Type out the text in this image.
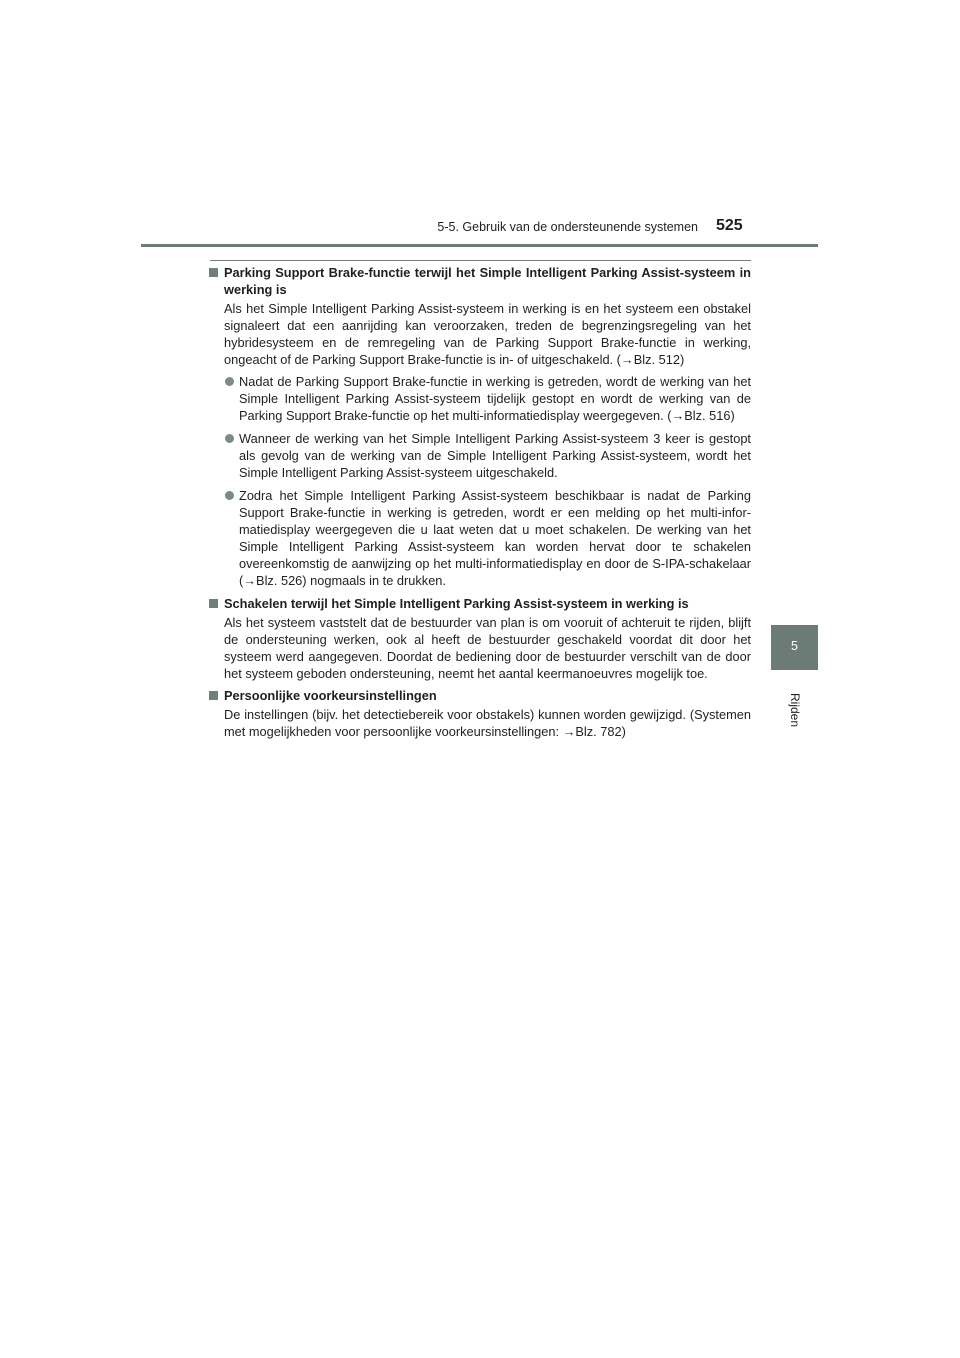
5-5. Gebruik van de ondersteunende systemen 525
5
Rijden

Parking Support Brake-functie terwijl het Simple Intelligent Parking Assist-systeem in werking is

Als het Simple Intelligent Parking Assist-systeem in werking is en het systeem een obstakel signaleert dat een aanrijding kan veroorzaken, treden de begrenzingsregeling van het hybridesysteem en de remregeling van de Parking Support Brake-functie in werking, ongeacht of de Parking Support Brake-functie is in- of uitgeschakeld. (→Blz. 512)

Nadat de Parking Support Brake-functie in werking is getreden, wordt de werking van het Simple Intelligent Parking Assist-systeem tijdelijk gestopt en wordt de werking van de Parking Support Brake-functie op het multi-informatiedisplay weergegeven. (→Blz. 516)

Wanneer de werking van het Simple Intelligent Parking Assist-systeem 3 keer is gestopt als gevolg van de werking van de Simple Intelligent Parking Assist-systeem, wordt het Simple Intelligent Parking Assist-systeem uitgeschakeld.

Zodra het Simple Intelligent Parking Assist-systeem beschikbaar is nadat de Parking Support Brake-functie in werking is getreden, wordt er een melding op het multi-informatiedisplay weergegeven die u laat weten dat u moet schakelen. De werking van het Simple Intelligent Parking Assist-systeem kan worden hervat door te schakelen overeenkomstig de aanwijzing op het multi-informatiedisplay en door de S-IPA-schakelaar (→Blz. 526) nogmaals in te drukken.

Schakelen terwijl het Simple Intelligent Parking Assist-systeem in werking is

Als het systeem vaststelt dat de bestuurder van plan is om vooruit of achteruit te rijden, blijft de ondersteuning werken, ook al heeft de bestuurder geschakeld voordat dit door het systeem werd aangegeven. Doordat de bediening door de bestuurder verschilt van de door het systeem geboden ondersteuning, neemt het aantal keermanoeuvres mogelijk toe.

Persoonlijke voorkeursinstellingen

De instellingen (bijv. het detectiebereik voor obstakels) kunnen worden gewijzigd. (Systemen met mogelijkheden voor persoonlijke voorkeursinstellingen: →Blz. 782)
